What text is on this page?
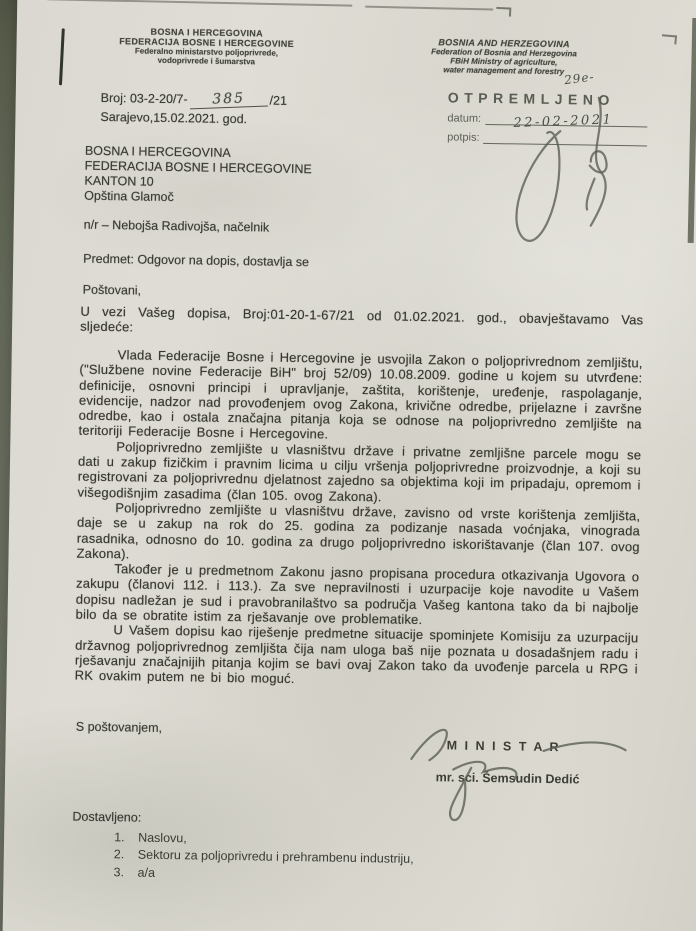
BOSNA I HERCEGOVINA
FEDERACIJA BOSNE I HERCEGOVINE
Federalno ministarstvo poljoprivrede,
vodoprivrede i šumarstva
BOSNIA AND HERZEGOVINA
Federation of Bosnia and Herzegovina
FBiH Ministry of agriculture,
water management and forestry
Broj: 03-2-20/7-	385	/21
Sarajevo,15.02.2021. god.
OTPREMLJENO
datum:
potpis:
29e-
22-02-2021
BOSNA I HERCEGOVINA
FEDERACIJA BOSNE I HERCEGOVINE
KANTON 10
Opština Glamoč
n/r – Nebojša Radivojša, načelnik
Predmet: Odgovor na dopis, dostavlja se
Poštovani,
U vezi Vašeg dopisa, Broj:01-20-1-67/21 od 01.02.2021. god., obavještavamo Vas sljedeće:

Vlada Federacije Bosne i Hercegovine je usvojila Zakon o poljoprivrednom zemljištu, ("Službene novine Federacije BiH" broj 52/09) 10.08.2009. godine u kojem su utvrđene: definicije, osnovni principi i upravljanje, zaštita, korištenje, uređenje, raspolaganje, evidencije, nadzor nad provođenjem ovog Zakona, krivične odredbe, prijelazne i završne odredbe, kao i ostala značajna pitanja koja se odnose na poljoprivredno zemljište na teritoriji Federacije Bosne i Hercegovine.

Poljoprivredno zemljište u vlasništvu države i privatne zemljišne parcele mogu se dati u zakup fizičkim i pravnim licima u cilju vršenja poljoprivredne proizvodnje, a koji su registrovani za poljoprivrednu djelatnost zajedno sa objektima koji im pripadaju, opremom i višegodišnjim zasadima (član 105. ovog Zakona).

Poljoprivredno zemljište u vlasništvu države, zavisno od vrste korištenja zemljišta, daje se u zakup na rok do 25. godina za podizanje nasada voćnjaka, vinograda rasadnika, odnosno do 10. godina za drugo poljoprivredno iskorištavanje (član 107. ovog Zakona).

Također je u predmetnom Zakonu jasno propisana procedura otkazivanja Ugovora o zakupu (članovi 112. i 113.). Za sve nepravilnosti i uzurpacije koje navodite u Vašem dopisu nadležan je sud i pravobranilaštvo sa područja Vašeg kantona tako da bi najbolje bilo da se obratite istim za rješavanje ove problematike.

U Vašem dopisu kao riješenje predmetne situacije spominjete Komisiju za uzurpaciju državnog poljoprivrednog zemljišta čija nam uloga baš nije poznata u dosadašnjem radu i rješavanju značajnijih pitanja kojim se bavi ovaj Zakon tako da uvođenje parcela u RPG i RK ovakim putem ne bi bio moguć.

S poštovanjem,
M I N I S T A R
mr. sci. Šemsudin Dedić
Dostavljeno:
1.	Naslovu,
2.	Sektoru za poljoprivredu i prehrambenu industriju,
3.	a/a
